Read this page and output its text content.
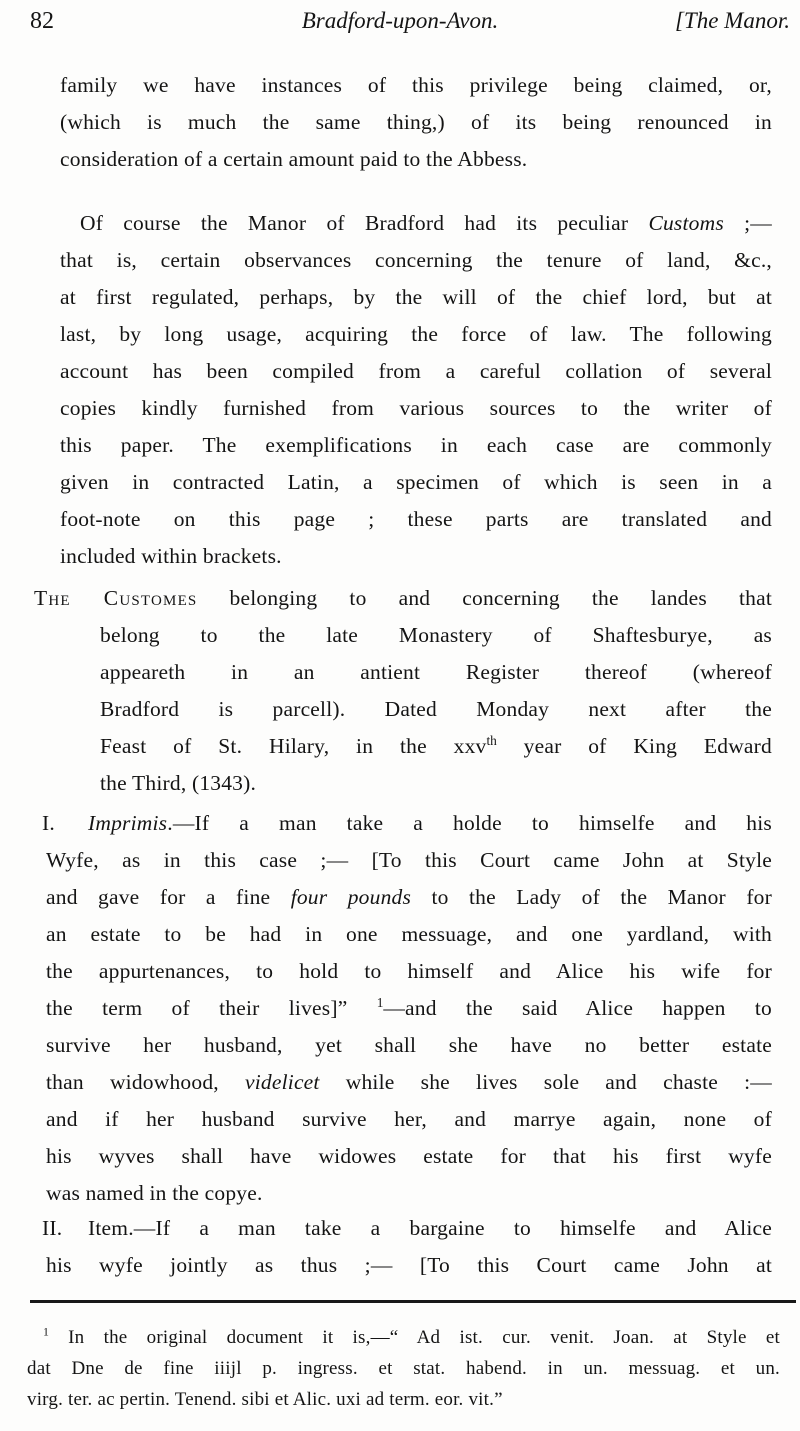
82	Bradford-upon-Avon.	[The Manor.
family we have instances of this privilege being claimed, or,
(which is much the same thing,) of its being renounced in
consideration of a certain amount paid to the Abbess.
Of course the Manor of Bradford had its peculiar Customs ;—
that is, certain observances concerning the tenure of land, &c.,
at first regulated, perhaps, by the will of the chief lord, but at
last, by long usage, acquiring the force of law. The following
account has been compiled from a careful collation of several
copies kindly furnished from various sources to the writer of
this paper. The exemplifications in each case are commonly
given in contracted Latin, a specimen of which is seen in a
foot-note on this page ; these parts are translated and
included within brackets.
The Customes belonging to and concerning the landes that
belong to the late Monastery of Shaftesburye, as
appeareth in an antient Register thereof (whereof
Bradford is parcell). Dated Monday next after the
Feast of St. Hilary, in the xxv$^{th}$ year of King Edward
the Third, (1343).
I. Imprimis.—If a man take a holde to himselfe and his
Wyfe, as in this case ;— [To this Court came John at Style
and gave for a fine four pounds to the Lady of the Manor for
an estate to be had in one messuage, and one yardland, with
the appurtenances, to hold to himself and Alice his wife for
the term of their lives]” $^1$—and the said Alice happen to
survive her husband, yet shall she have no better estate
than widowhood, videlicet while she lives sole and chaste :—
and if her husband survive her, and marrye again, none of
his wyves shall have widowes estate for that his first wyfe
was named in the copye.
II. Item.—If a man take a bargaine to himselfe and Alice
his wyfe jointly as thus ;— [To this Court came John at
$^1$ In the original document it is,—“ Ad ist. cur. venit. Joan. at Style et
dat Dne de fine iiijl p. ingress. et stat. habend. in un. messuag. et un.
virg. ter. ac pertin. Tenend. sibi et Alic. uxi ad term. eor. vit.”
